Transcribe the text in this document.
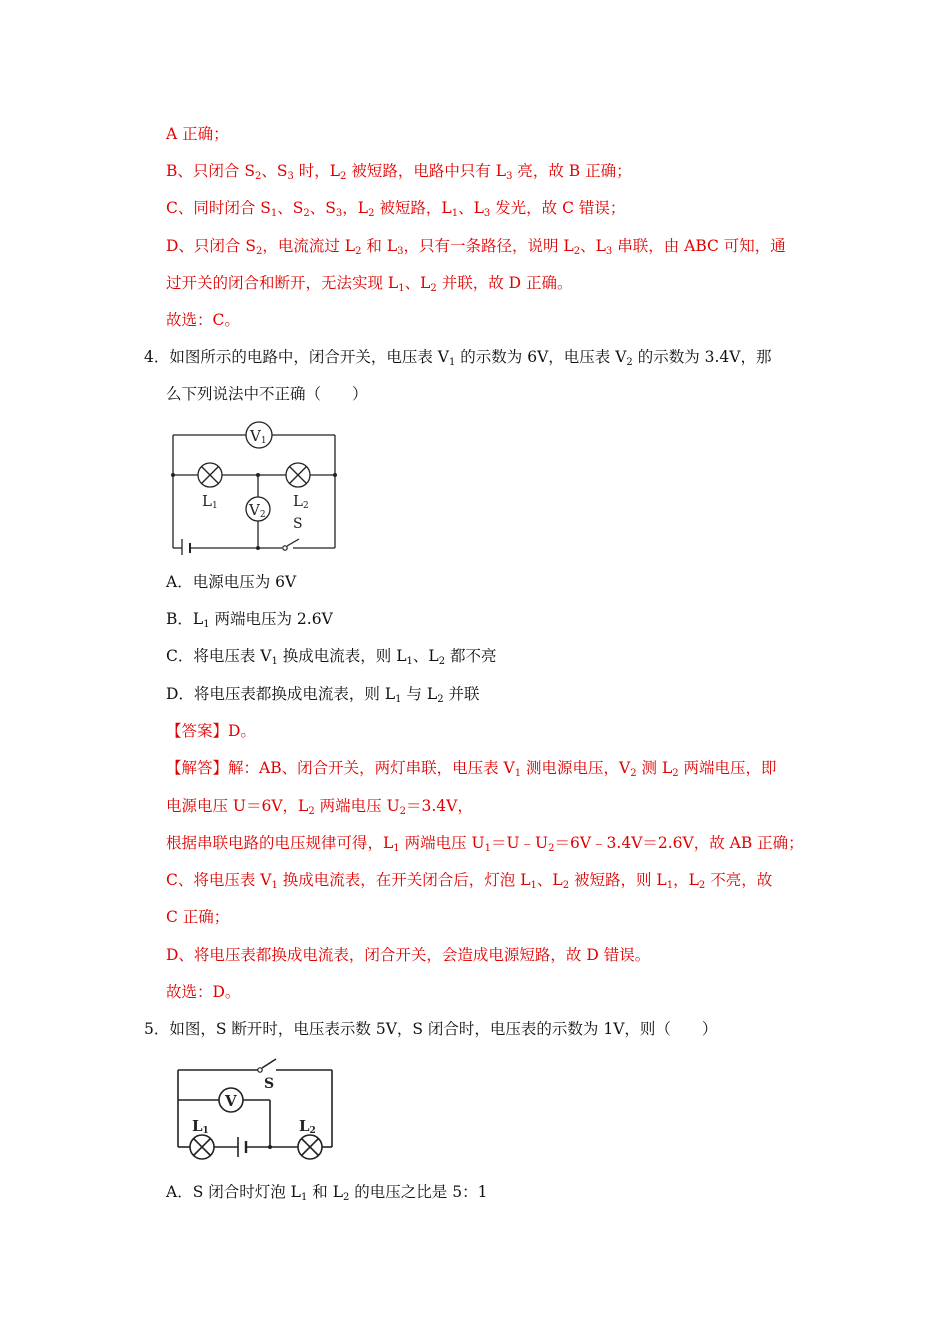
A 正确；
B、只闭合 $S_2$、$S_3$ 时，$L_2$ 被短路，电路中只有 $L_3$ 亮，故 B 正确；
C、同时闭合 $S_1$、$S_2$、$S_3$，$L_2$ 被短路，$L_1$、$L_3$ 发光，故 C 错误；
D、只闭合 $S_2$，电流流过 $L_2$ 和 $L_3$，只有一条路径，说明 $L_2$、$L_3$ 串联，由 ABC 可知，通
过开关的闭合和断开，无法实现 $L_1$、$L_2$ 并联，故 D 正确。
故选：C。
4．如图所示的电路中，闭合开关，电压表 $V_1$ 的示数为 6V，电压表 $V_2$ 的示数为 3.4V，那
么下列说法中不正确（　　）
V1
V2
L1	L2
S
A．电源电压为 6V
B．$L_1$ 两端电压为 2.6V
C．将电压表 $V_1$ 换成电流表，则 $L_1$、$L_2$ 都不亮
D．将电压表都换成电流表，则 $L_1$ 与 $L_2$ 并联
【答案】D。
【解答】解：AB、闭合开关，两灯串联，电压表 $V_1$ 测电源电压，$V_2$ 测 $L_2$ 两端电压，即
电源电压 U＝6V，$L_2$ 两端电压 $U_2=3.4V$，
根据串联电路的电压规律可得，$L_1$ 两端电压 $U_1=U﹣U_2=6V﹣3.4V=2.6V$，故 AB 正确；
C、将电压表 $V_1$ 换成电流表，在开关闭合后，灯泡 $L_1$、$L_2$ 被短路，则 $L_1$，$L_2$ 不亮，故
C 正确；
D、将电压表都换成电流表，闭合开关，会造成电源短路，故 D 错误。
故选：D。
5．如图，S 断开时，电压表示数 5V，S 闭合时，电压表的示数为 1V，则（　　）
V
S
L1	L2
A．S 闭合时灯泡 $L_1$ 和 $L_2$ 的电压之比是 5：1
